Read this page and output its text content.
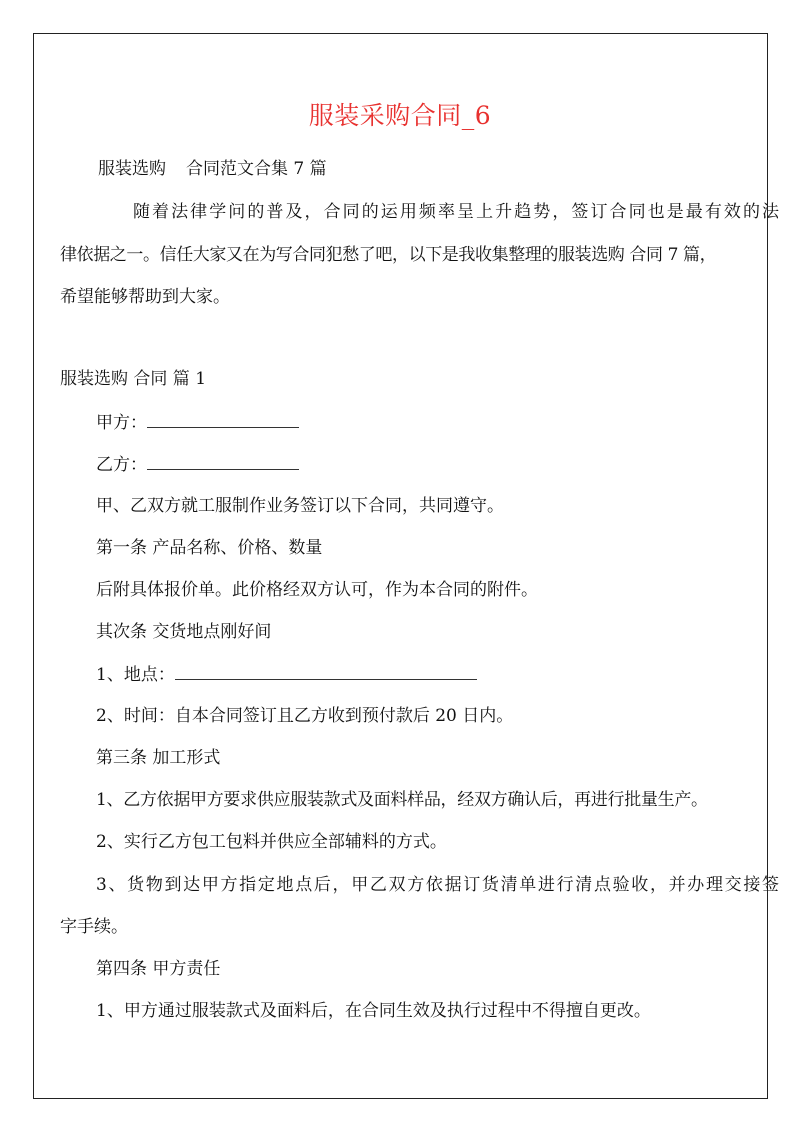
服装采购合同_6
服装选购 合同范文合集 7 篇
随着法律学问的普及，合同的运用频率呈上升趋势，签订合同也是最有效的法
律依据之一。信任大家又在为写合同犯愁了吧，以下是我收集整理的服装选购 合同 7 篇，
希望能够帮助到大家。
服装选购 合同 篇 1
甲方：
乙方：
甲、乙双方就工服制作业务签订以下合同，共同遵守。
第一条 产品名称、价格、数量
后附具体报价单。此价格经双方认可，作为本合同的附件。
其次条 交货地点刚好间
1、地点：
2、时间：自本合同签订且乙方收到预付款后 20 日内。
第三条 加工形式
1、乙方依据甲方要求供应服装款式及面料样品，经双方确认后，再进行批量生产。
2、实行乙方包工包料并供应全部辅料的方式。
3、货物到达甲方指定地点后，甲乙双方依据订货清单进行清点验收，并办理交接签
字手续。
第四条 甲方责任
1、甲方通过服装款式及面料后，在合同生效及执行过程中不得擅自更改。
